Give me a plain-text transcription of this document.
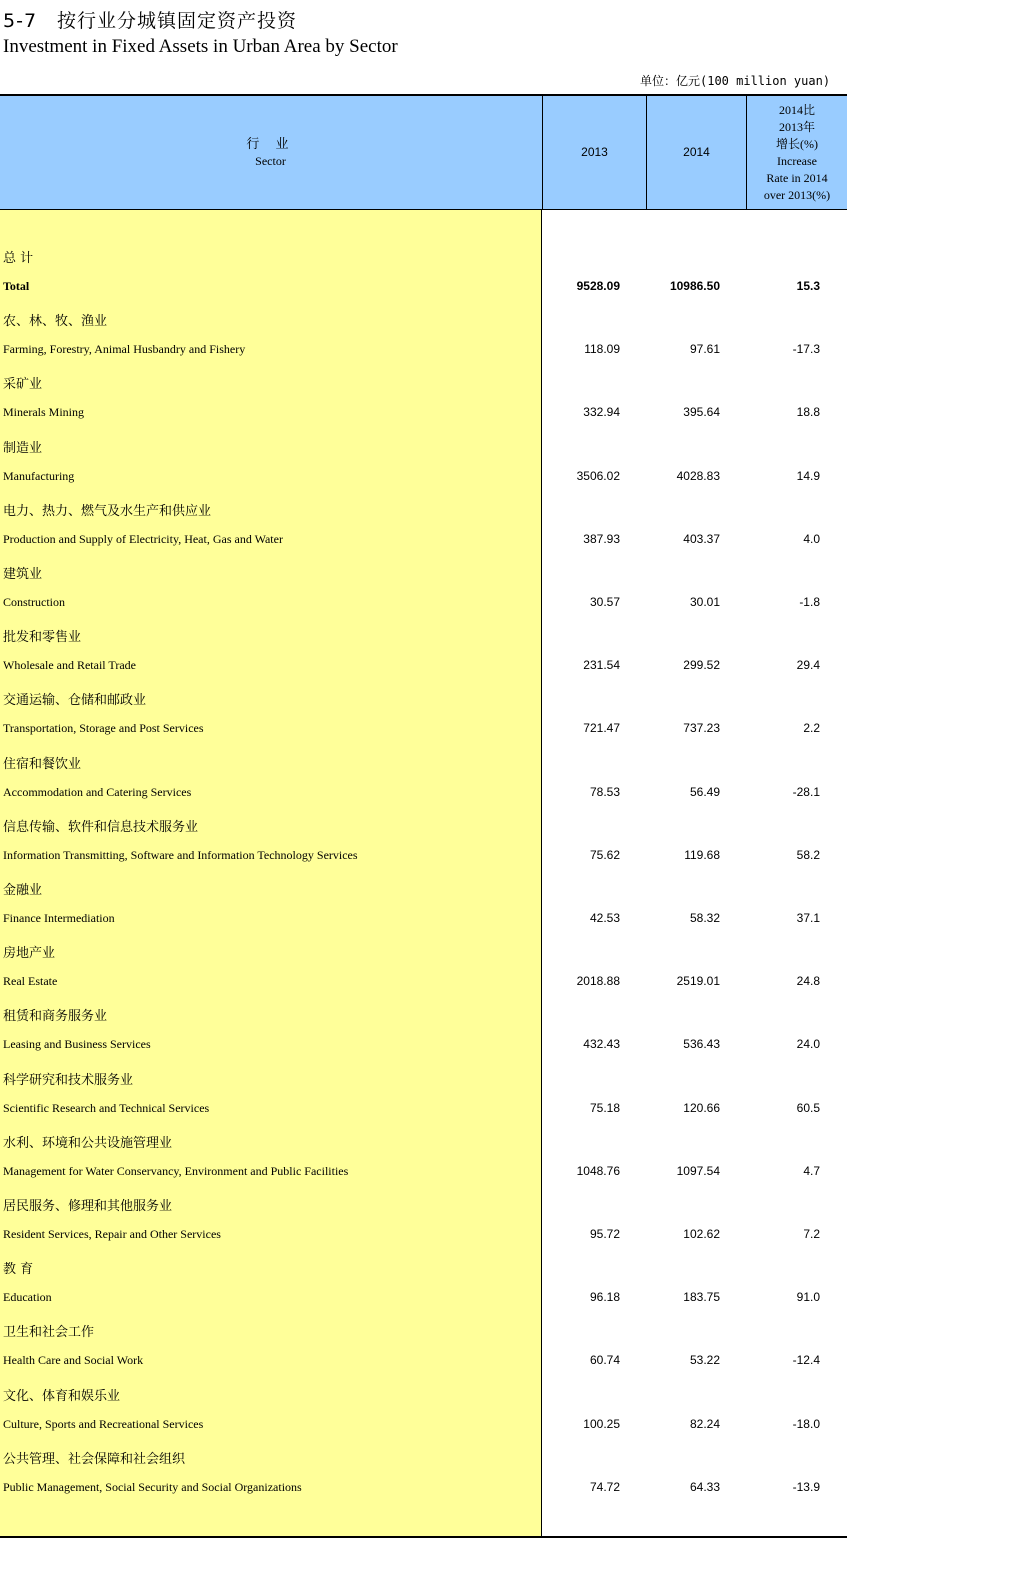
5-7　按行业分城镇固定资产投资
Investment in Fixed Assets in Urban Area by Sector
单位：亿元(100 million yuan)
行 业
Sector
2013	2014
2014比
2013年
增长(%)
Increase
Rate in 2014
over 2013(%)
总 计
Total	9528.09	10986.50	15.3
农、林、牧、渔业
Farming, Forestry, Animal Husbandry and Fishery	118.09	97.61	-17.3
采矿业
Minerals Mining	332.94	395.64	18.8
制造业
Manufacturing	3506.02	4028.83	14.9
电力、热力、燃气及水生产和供应业
Production and Supply of Electricity, Heat, Gas and Water	387.93	403.37	4.0
建筑业
Construction	30.57	30.01	-1.8
批发和零售业
Wholesale and Retail Trade	231.54	299.52	29.4
交通运输、仓储和邮政业
Transportation, Storage and Post Services	721.47	737.23	2.2
住宿和餐饮业
Accommodation and Catering Services	78.53	56.49	-28.1
信息传输、软件和信息技术服务业
Information Transmitting, Software and Information Technology Services	75.62	119.68	58.2
金融业
Finance Intermediation	42.53	58.32	37.1
房地产业
Real Estate	2018.88	2519.01	24.8
租赁和商务服务业
Leasing and Business Services	432.43	536.43	24.0
科学研究和技术服务业
Scientific Research and Technical Services	75.18	120.66	60.5
水利、环境和公共设施管理业
Management for Water Conservancy, Environment and Public Facilities	1048.76	1097.54	4.7
居民服务、修理和其他服务业
Resident Services, Repair and Other Services	95.72	102.62	7.2
教 育
Education	96.18	183.75	91.0
卫生和社会工作
Health Care and Social Work	60.74	53.22	-12.4
文化、体育和娱乐业
Culture, Sports and Recreational Services	100.25	82.24	-18.0
公共管理、社会保障和社会组织
Public Management, Social Security and Social Organizations	74.72	64.33	-13.9
